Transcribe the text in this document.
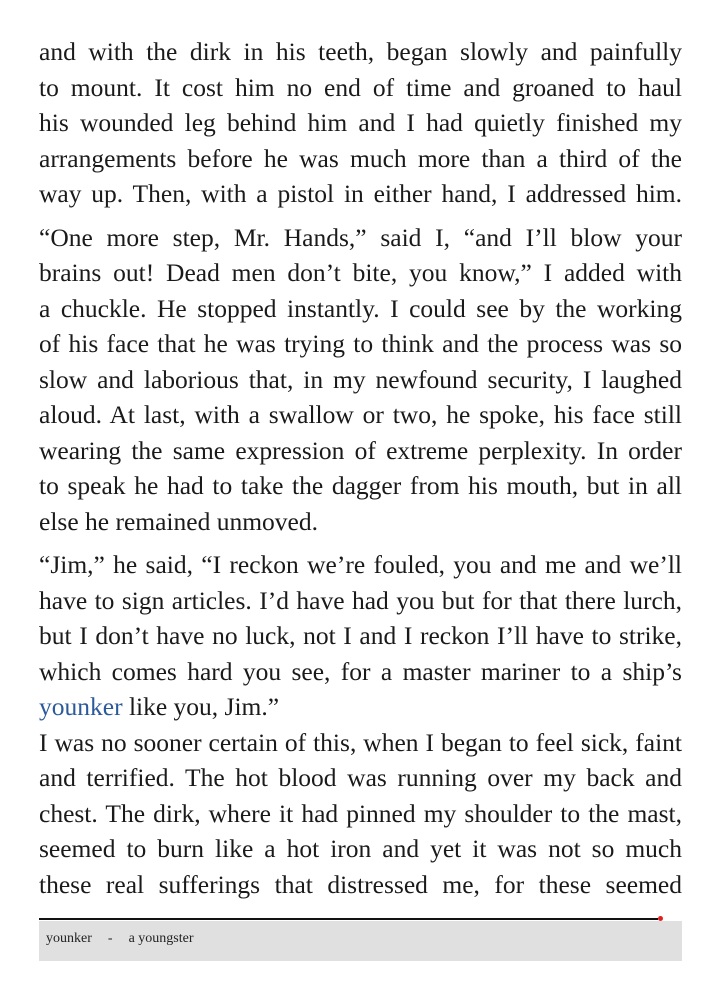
and with the dirk in his teeth, began slowly and painfully
to mount. It cost him no end of time and groaned to haul
his wounded leg behind him and I had quietly finished my
arrangements before he was much more than a third of the
way up. Then, with a pistol in either hand, I addressed him.
“One more step, Mr. Hands,” said I, “and I’ll blow your
brains out! Dead men don’t bite, you know,” I added with
a chuckle. He stopped instantly. I could see by the working
of his face that he was trying to think and the process was so
slow and laborious that, in my newfound security, I laughed
aloud. At last, with a swallow or two, he spoke, his face still
wearing the same expression of extreme perplexity. In order
to speak he had to take the dagger from his mouth, but in all
else he remained unmoved.
“Jim,” he said, “I reckon we’re fouled, you and me and we’ll
have to sign articles. I’d have had you but for that there lurch,
but I don’t have no luck, not I and I reckon I’ll have to strike,
which comes hard you see, for a master mariner to a ship’s
younker like you, Jim.”
I was no sooner certain of this, when I began to feel sick, faint
and terrified. The hot blood was running over my back and
chest. The dirk, where it had pinned my shoulder to the mast,
seemed to burn like a hot iron and yet it was not so much
these real sufferings that distressed me, for these seemed
younker - a youngster
